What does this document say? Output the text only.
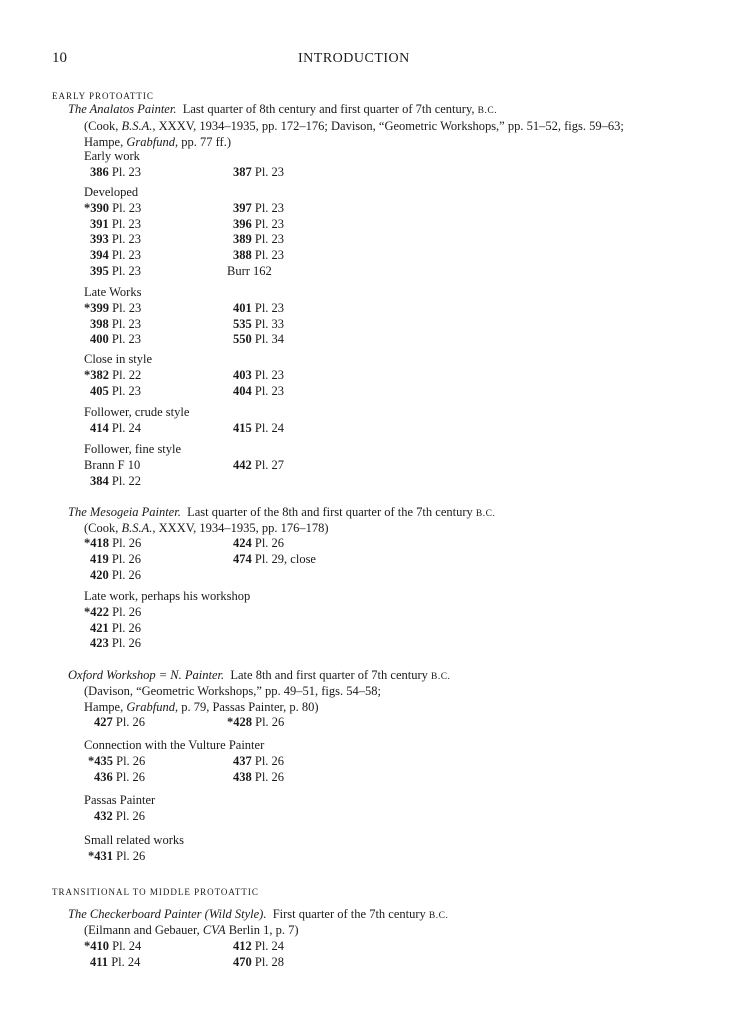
10	INTRODUCTION
EARLY PROTOATTIC
The Analatos Painter. Last quarter of 8th century and first quarter of 7th century, B.C.
(Cook, B.S.A., XXXV, 1934–1935, pp. 172–176; Davison, “Geometric Workshops,” pp. 51–52, figs. 59–63;
Hampe, Grabfund, pp. 77 ff.)
Early work
386 Pl. 23	387 Pl. 23
Developed
*390 Pl. 23	397 Pl. 23
391 Pl. 23	396 Pl. 23
393 Pl. 23	389 Pl. 23
394 Pl. 23	388 Pl. 23
395 Pl. 23	Burr 162
Late Works
*399 Pl. 23	401 Pl. 23
398 Pl. 23	535 Pl. 33
400 Pl. 23	550 Pl. 34
Close in style
*382 Pl. 22	403 Pl. 23
405 Pl. 23	404 Pl. 23
Follower, crude style
414 Pl. 24	415 Pl. 24
Follower, fine style
Brann F 10	442 Pl. 27
384 Pl. 22
The Mesogeia Painter. Last quarter of the 8th and first quarter of the 7th century B.C.
(Cook, B.S.A., XXXV, 1934–1935, pp. 176–178)
*418 Pl. 26	424 Pl. 26
419 Pl. 26	474 Pl. 29, close
420 Pl. 26
Late work, perhaps his workshop
*422 Pl. 26
421 Pl. 26
423 Pl. 26
Oxford Workshop = N. Painter. Late 8th and first quarter of 7th century B.C.
(Davison, “Geometric Workshops,” pp. 49–51, figs. 54–58;
Hampe, Grabfund, p. 79, Passas Painter, p. 80)
427 Pl. 26	*428 Pl. 26
Connection with the Vulture Painter
*435 Pl. 26	437 Pl. 26
436 Pl. 26	438 Pl. 26
Passas Painter
432 Pl. 26
Small related works
*431 Pl. 26
TRANSITIONAL TO MIDDLE PROTOATTIC
The Checkerboard Painter (Wild Style). First quarter of the 7th century B.C.
(Eilmann and Gebauer, CVA Berlin 1, p. 7)
*410 Pl. 24	412 Pl. 24
411 Pl. 24	470 Pl. 28
